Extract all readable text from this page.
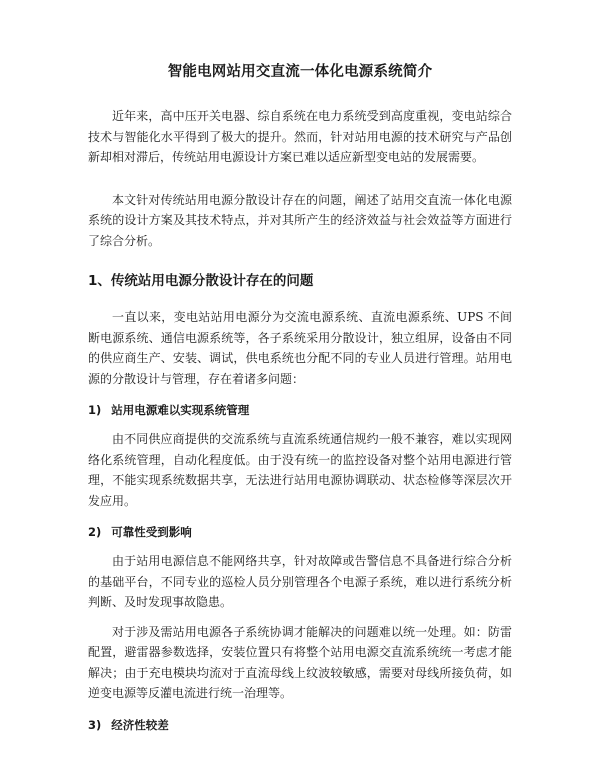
智能电网站用交直流一体化电源系统简介

近年来，高中压开关电器、综自系统在电力系统受到高度重视，变电站综合技术与智能化水平得到了极大的提升。然而，针对站用电源的技术研究与产品创新却相对滞后，传统站用电源设计方案已难以适应新型变电站的发展需要。

本文针对传统站用电源分散设计存在的问题，阐述了站用交直流一体化电源系统的设计方案及其技术特点，并对其所产生的经济效益与社会效益等方面进行了综合分析。

1、传统站用电源分散设计存在的问题

一直以来，变电站站用电源分为交流电源系统、直流电源系统、UPS 不间断电源系统、通信电源系统等，各子系统采用分散设计，独立组屏，设备由不同的供应商生产、安装、调试，供电系统也分配不同的专业人员进行管理。站用电源的分散设计与管理，存在着诸多问题：

1) 站用电源难以实现系统管理

由不同供应商提供的交流系统与直流系统通信规约一般不兼容，难以实现网络化系统管理，自动化程度低。由于没有统一的监控设备对整个站用电源进行管理，不能实现系统数据共享，无法进行站用电源协调联动、状态检修等深层次开发应用。

2) 可靠性受到影响

由于站用电源信息不能网络共享，针对故障或告警信息不具备进行综合分析的基础平台，不同专业的巡检人员分别管理各个电源子系统，难以进行系统分析判断、及时发现事故隐患。

对于涉及需站用电源各子系统协调才能解决的问题难以统一处理。如：防雷配置，避雷器参数选择，安装位置只有将整个站用电源交直流系统统一考虑才能解决；由于充电模块均流对于直流母线上纹波较敏感，需要对母线所接负荷，如逆变电源等反灌电流进行统一治理等。

3) 经济性较差
